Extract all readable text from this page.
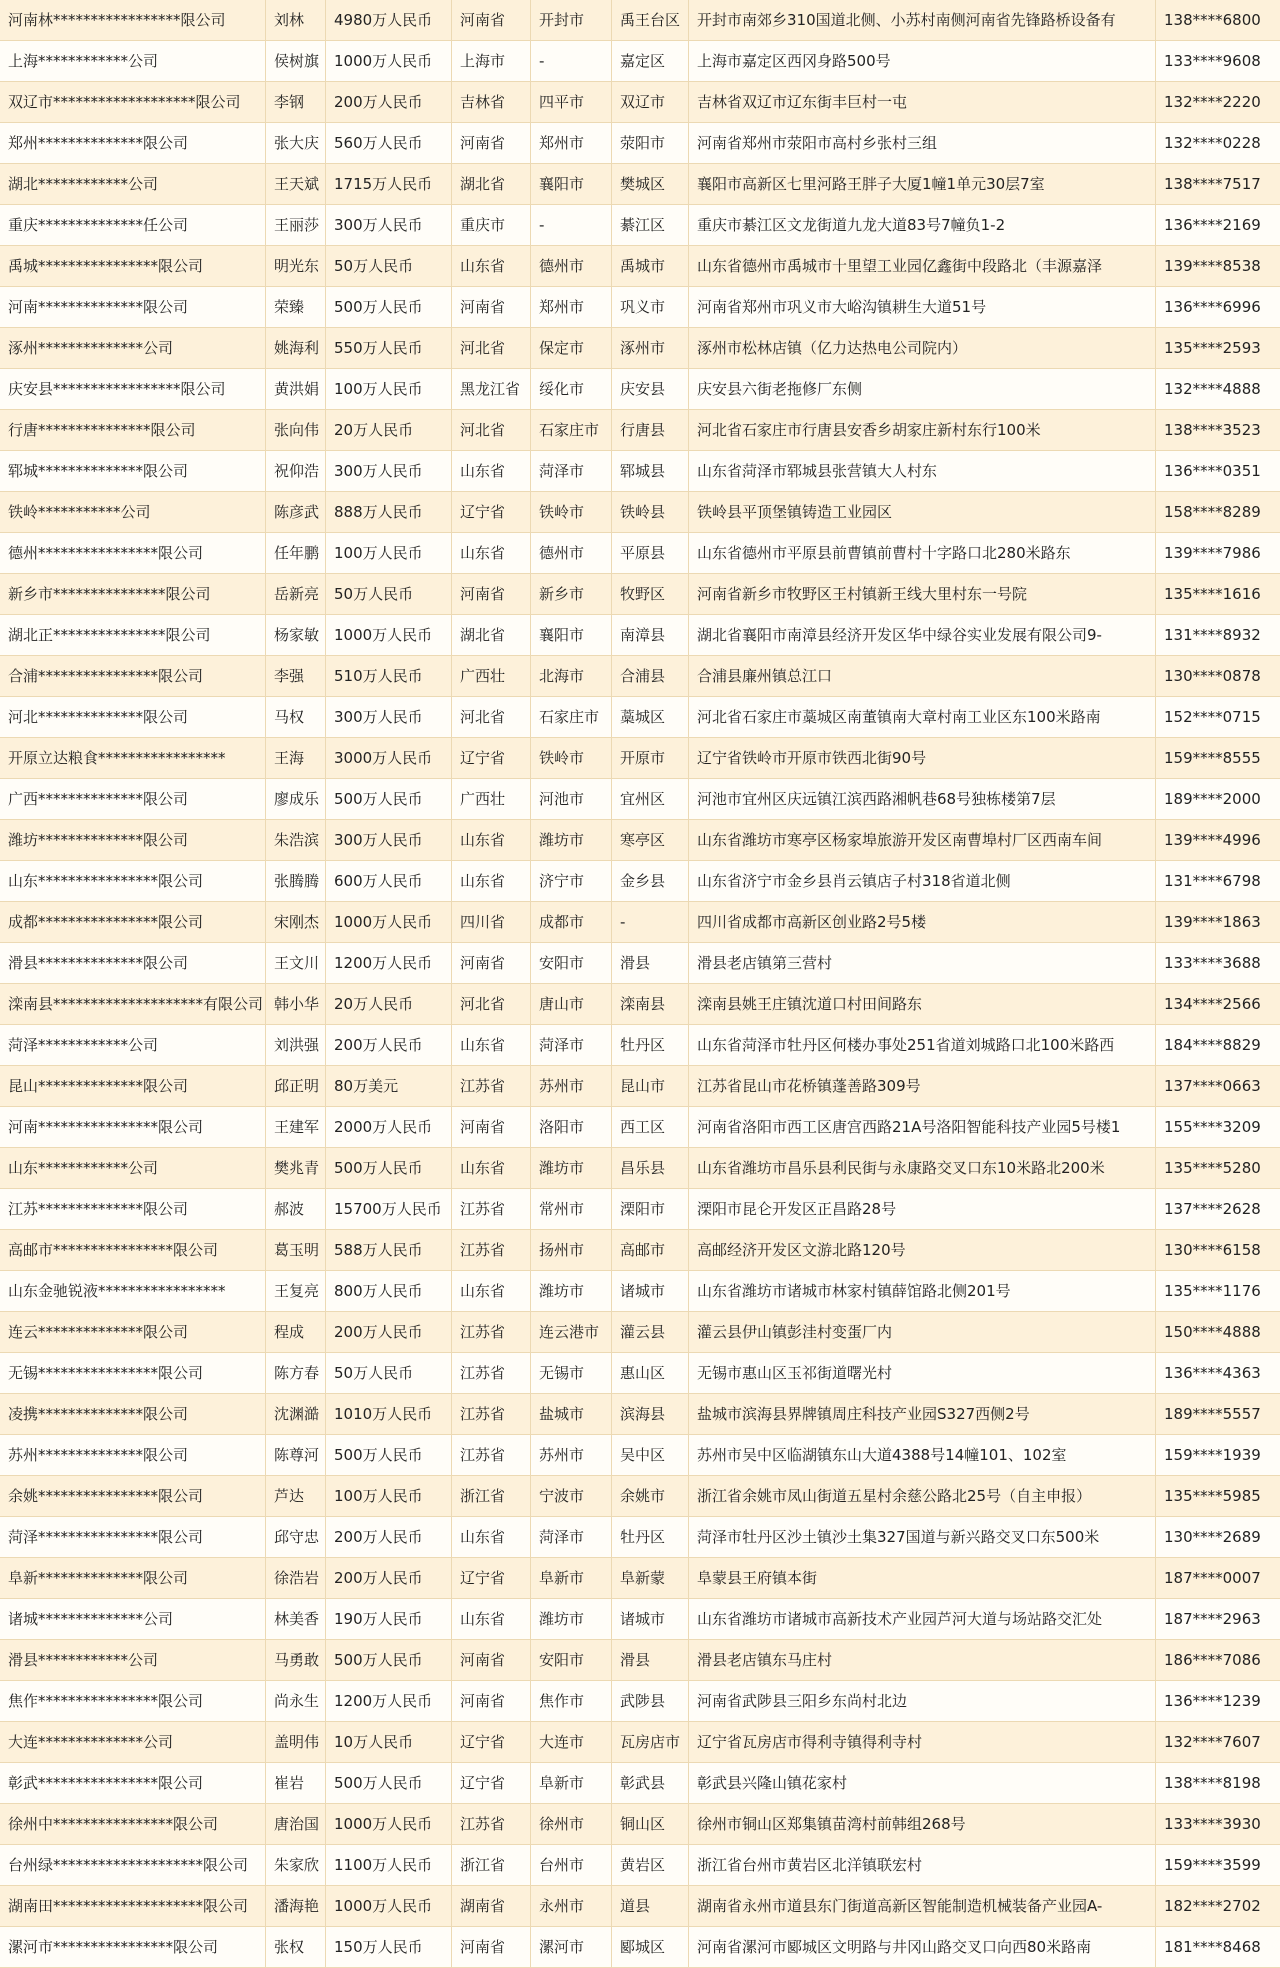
河南林*****************限公司	刘林	4980万人民币	河南省	开封市	禹王台区	开封市南郊乡310国道北侧、小苏村南侧河南省先锋路桥设备有	138****6800
上海************公司	侯树旗 1000万人民币	上海市	-	嘉定区	上海市嘉定区西冈身路500号	133****9608
双辽市*******************限公司	李钢	200万人民币	吉林省	四平市	双辽市	吉林省双辽市辽东街丰巨村一屯	132****2220
郑州**************限公司	张大庆 560万人民币	河南省	郑州市	荥阳市	河南省郑州市荥阳市高村乡张村三组	132****0228
湖北************公司	王天斌 1715万人民币	湖北省	襄阳市	樊城区	襄阳市高新区七里河路王胖子大厦1幢1单元30层7室	138****7517
重庆**************任公司	王丽莎 300万人民币	重庆市	-	綦江区	重庆市綦江区文龙街道九龙大道83号7幢负1-2	136****2169
禹城****************限公司	明光东 50万人民币	山东省	德州市	禹城市	山东省德州市禹城市十里望工业园亿鑫街中段路北（丰源嘉泽	139****8538
河南**************限公司	荣臻	500万人民币	河南省	郑州市	巩义市	河南省郑州市巩义市大峪沟镇耕生大道51号	136****6996
涿州**************公司	姚海利 550万人民币	河北省	保定市	涿州市	涿州市松林店镇（亿力达热电公司院内）	135****2593
庆安县*****************限公司	黄洪娟 100万人民币	黑龙江省	绥化市	庆安县	庆安县六街老拖修厂东侧	132****4888
行唐***************限公司	张向伟 20万人民币	河北省	石家庄市	行唐县	河北省石家庄市行唐县安香乡胡家庄新村东行100米	138****3523
郓城**************限公司	祝仰浩 300万人民币	山东省	菏泽市	郓城县	山东省菏泽市郓城县张营镇大人村东	136****0351
铁岭***********公司	陈彦武 888万人民币	辽宁省	铁岭市	铁岭县	铁岭县平顶堡镇铸造工业园区	158****8289
德州****************限公司	任年鹏 100万人民币	山东省	德州市	平原县	山东省德州市平原县前曹镇前曹村十字路口北280米路东	139****7986
新乡市***************限公司	岳新亮 50万人民币	河南省	新乡市	牧野区	河南省新乡市牧野区王村镇新王线大里村东一号院	135****1616
湖北正***************限公司	杨家敏 1000万人民币	湖北省	襄阳市	南漳县	湖北省襄阳市南漳县经济开发区华中绿谷实业发展有限公司9-	131****8932
合浦****************限公司	李强	510万人民币	广西壮	北海市	合浦县	合浦县廉州镇总江口	130****0878
河北**************限公司	马权	300万人民币	河北省	石家庄市	藁城区	河北省石家庄市藁城区南董镇南大章村南工业区东100米路南	152****0715
开原立达粮食*****************	王海	3000万人民币	辽宁省	铁岭市	开原市	辽宁省铁岭市开原市铁西北街90号	159****8555
广西**************限公司	廖成乐 500万人民币	广西壮	河池市	宜州区	河池市宜州区庆远镇江滨西路湘帆巷68号独栋楼第7层	189****2000
潍坊**************限公司	朱浩滨 300万人民币	山东省	潍坊市	寒亭区	山东省潍坊市寒亭区杨家埠旅游开发区南曹埠村厂区西南车间	139****4996
山东****************限公司	张腾腾 600万人民币	山东省	济宁市	金乡县	山东省济宁市金乡县肖云镇店子村318省道北侧	131****6798
成都****************限公司	宋刚杰 1000万人民币	四川省	成都市	-	四川省成都市高新区创业路2号5楼	139****1863
滑县**************限公司	王文川 1200万人民币	河南省	安阳市	滑县	滑县老店镇第三营村	133****3688
滦南县********************有限公司 韩小华 20万人民币	河北省	唐山市	滦南县	滦南县姚王庄镇沈道口村田间路东	134****2566
菏泽************公司	刘洪强 200万人民币	山东省	菏泽市	牡丹区	山东省菏泽市牡丹区何楼办事处251省道刘城路口北100米路西	184****8829
昆山**************限公司	邱正明 80万美元	江苏省	苏州市	昆山市	江苏省昆山市花桥镇蓬善路309号	137****0663
河南****************限公司	王建军 2000万人民币	河南省	洛阳市	西工区	河南省洛阳市西工区唐宫西路21A号洛阳智能科技产业园5号楼1	155****3209
山东************公司	樊兆青 500万人民币	山东省	潍坊市	昌乐县	山东省潍坊市昌乐县利民街与永康路交叉口东10米路北200米	135****5280
江苏**************限公司	郝波	15700万人民币	江苏省	常州市	溧阳市	溧阳市昆仑开发区正昌路28号	137****2628
高邮市****************限公司	葛玉明 588万人民币	江苏省	扬州市	高邮市	高邮经济开发区文游北路120号	130****6158
山东金驰锐液*****************	王复亮 800万人民币	山东省	潍坊市	诸城市	山东省潍坊市诸城市林家村镇薛馆路北侧201号	135****1176
连云**************限公司	程成	200万人民币	江苏省	连云港市	灌云县	灌云县伊山镇彭洼村变蛋厂内	150****4888
无锡****************限公司	陈方春 50万人民币	江苏省	无锡市	惠山区	无锡市惠山区玉祁街道曙光村	136****4363
凌携**************限公司	沈渊澔 1010万人民币	江苏省	盐城市	滨海县	盐城市滨海县界牌镇周庄科技产业园S327西侧2号	189****5557
苏州**************限公司	陈尊河 500万人民币	江苏省	苏州市	吴中区	苏州市吴中区临湖镇东山大道4388号14幢101、102室	159****1939
余姚****************限公司	芦达	100万人民币	浙江省	宁波市	余姚市	浙江省余姚市凤山街道五星村余慈公路北25号（自主申报）	135****5985
菏泽****************限公司	邱守忠 200万人民币	山东省	菏泽市	牡丹区	菏泽市牡丹区沙土镇沙土集327国道与新兴路交叉口东500米	130****2689
阜新**************限公司	徐浩岩 200万人民币	辽宁省	阜新市	阜新蒙	阜蒙县王府镇本街	187****0007
诸城**************公司	林美香 190万人民币	山东省	潍坊市	诸城市	山东省潍坊市诸城市高新技术产业园芦河大道与场站路交汇处	187****2963
滑县************公司	马勇敢 500万人民币	河南省	安阳市	滑县	滑县老店镇东马庄村	186****7086
焦作****************限公司	尚永生 1200万人民币	河南省	焦作市	武陟县	河南省武陟县三阳乡东尚村北边	136****1239
大连**************公司	盖明伟 10万人民币	辽宁省	大连市	瓦房店市	辽宁省瓦房店市得利寺镇得利寺村	132****7607
彰武****************限公司	崔岩	500万人民币	辽宁省	阜新市	彰武县	彰武县兴隆山镇花家村	138****8198
徐州中****************限公司	唐治国 1000万人民币	江苏省	徐州市	铜山区	徐州市铜山区郑集镇苗湾村前韩组268号	133****3930
台州绿********************限公司	朱家欣 1100万人民币	浙江省	台州市	黄岩区	浙江省台州市黄岩区北洋镇联宏村	159****3599
湖南田********************限公司	潘海艳 1000万人民币	湖南省	永州市	道县	湖南省永州市道县东门街道高新区智能制造机械装备产业园A-	182****2702
漯河市****************限公司	张权	150万人民币	河南省	漯河市	郾城区	河南省漯河市郾城区文明路与井冈山路交叉口向西80米路南	181****8468
